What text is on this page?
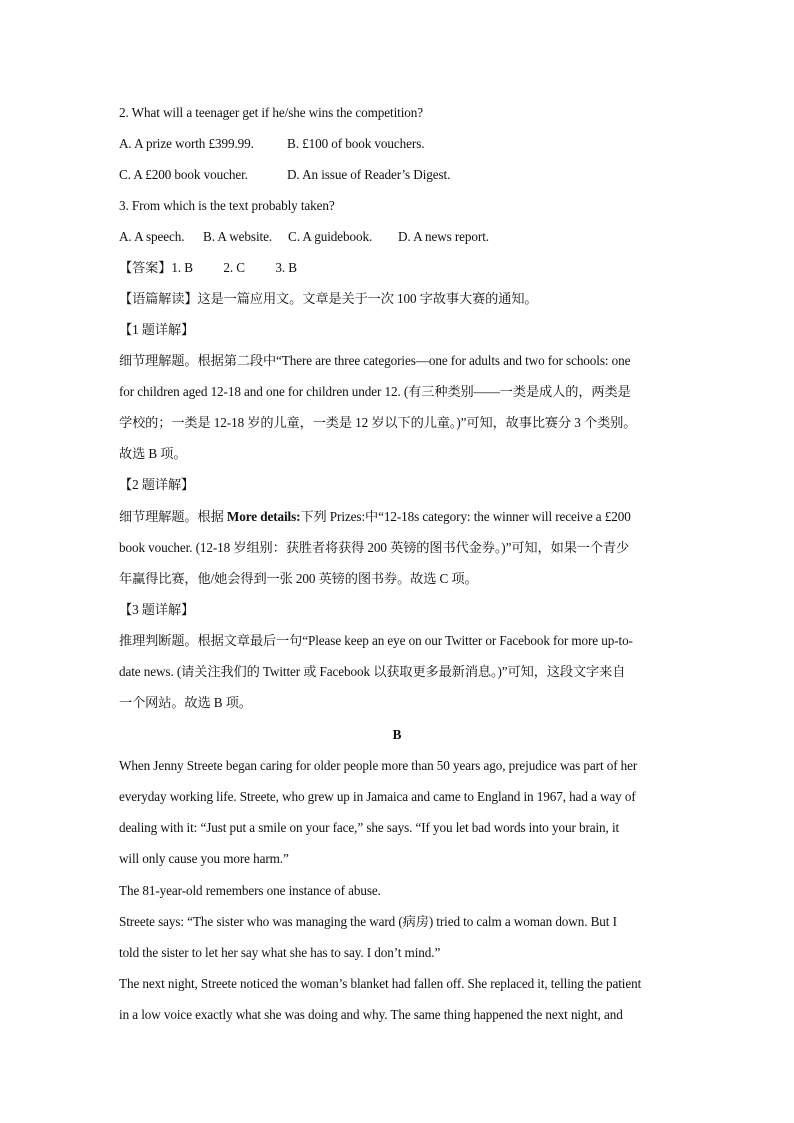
2. What will a teenager get if he/she wins the competition?
A. A prize worth £399.99.	B. £100 of book vouchers.
C. A £200 book voucher.	D. An issue of Reader’s Digest.
3. From which is the text probably taken?
A. A speech. B. A website. C. A guidebook. D. A news report.
【答案】1. B 2. C 3. B
【语篇解读】这是一篇应用文。文章是关于一次 100 字故事大赛的通知。
【1 题详解】
细节理解题。根据第二段中“There are three categories—one for adults and two for schools: one
for children aged 12-18 and one for children under 12. (有三种类别——一类是成人的，两类是
学校的；一类是 12-18 岁的儿童，一类是 12 岁以下的儿童。)”可知，故事比赛分 3 个类别。
故选 B 项。
【2 题详解】
细节理解题。根据 More details:下列 Prizes:中“12-18s category: the winner will receive a £200
book voucher. (12-18 岁组别：获胜者将获得 200 英镑的图书代金券。)”可知，如果一个青少
年赢得比赛，他/她会得到一张 200 英镑的图书券。故选 C 项。
【3 题详解】
推理判断题。根据文章最后一句“Please keep an eye on our Twitter or Facebook for more up-to-
date news. (请关注我们的 Twitter 或 Facebook 以获取更多最新消息。)”可知，这段文字来自
一个网站。故选 B 项。
B
When Jenny Streete began caring for older people more than 50 years ago, prejudice was part of her
everyday working life. Streete, who grew up in Jamaica and came to England in 1967, had a way of
dealing with it: “Just put a smile on your face,” she says. “If you let bad words into your brain, it
will only cause you more harm.”
The 81-year-old remembers one instance of abuse.
Streete says: “The sister who was managing the ward (病房) tried to calm a woman down. But I
told the sister to let her say what she has to say. I don’t mind.”
The next night, Streete noticed the woman’s blanket had fallen off. She replaced it, telling the patient
in a low voice exactly what she was doing and why. The same thing happened the next night, and
